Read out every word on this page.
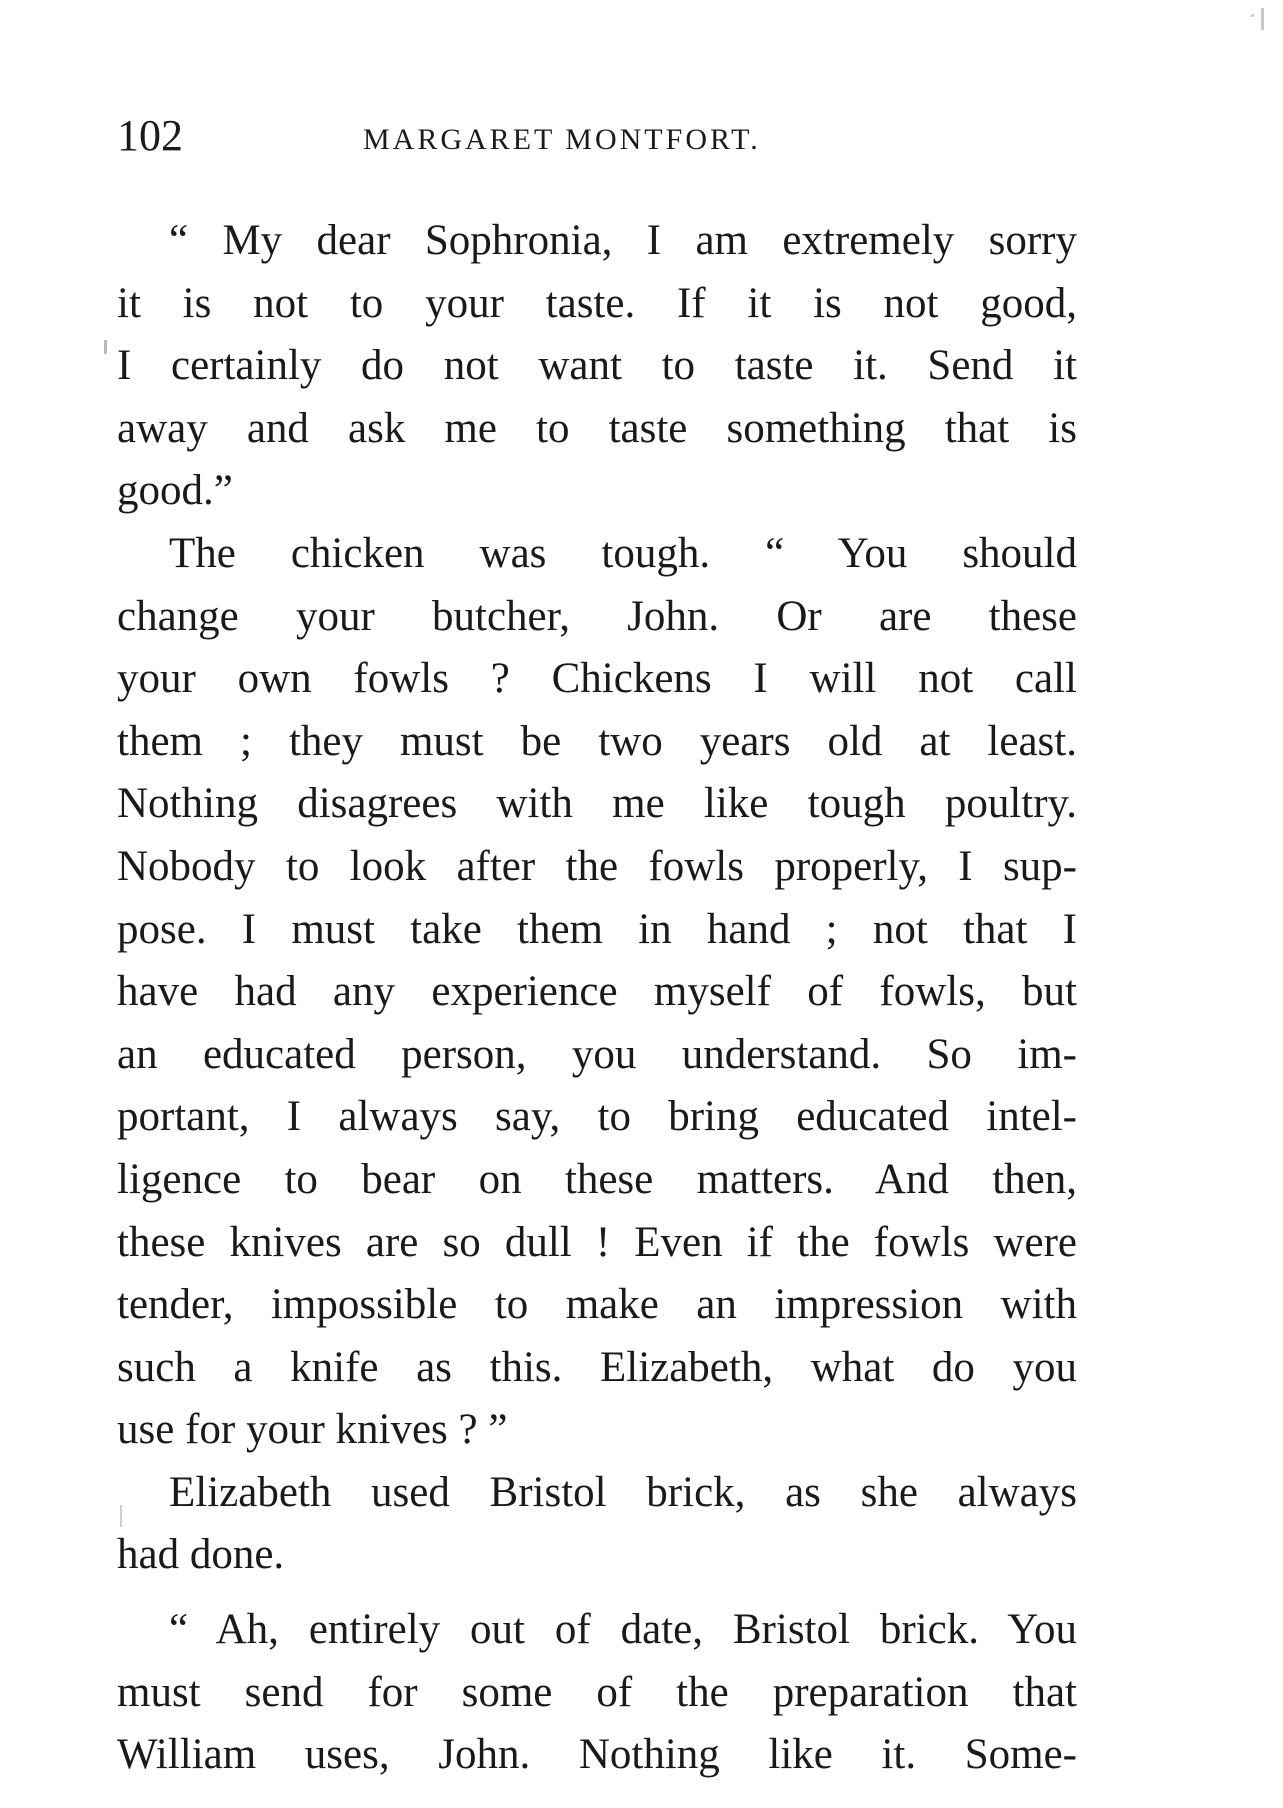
102	MARGARET MONTFORT.
“ My dear Sophronia, I am extremely sorry
it is not to your taste. If it is not good,
I certainly do not want to taste it. Send it
away and ask me to taste something that is
good.”
The chicken was tough. “ You should
change your butcher, John. Or are these
your own fowls ? Chickens I will not call
them ; they must be two years old at least.
Nothing disagrees with me like tough poultry.
Nobody to look after the fowls properly, I sup-
pose. I must take them in hand ; not that I
have had any experience myself of fowls, but
an educated person, you understand. So im-
portant, I always say, to bring educated intel-
ligence to bear on these matters. And then,
these knives are so dull ! Even if the fowls were
tender, impossible to make an impression with
such a knife as this. Elizabeth, what do you
use for your knives ? ”
Elizabeth used Bristol brick, as she always
had done.
“ Ah, entirely out of date, Bristol brick. You
must send for some of the preparation that
William uses, John. Nothing like it. Some-
